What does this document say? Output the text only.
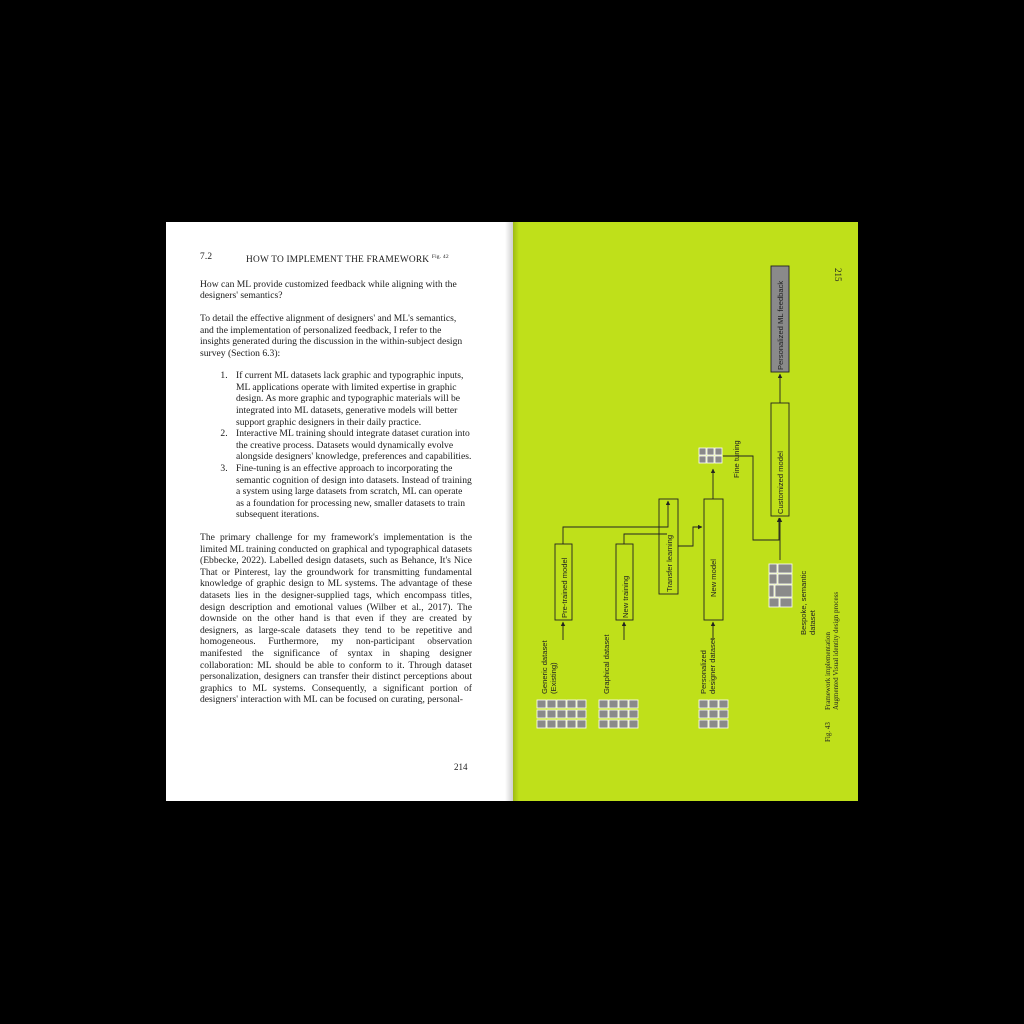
7.2	HOW TO IMPLEMENT THE FRAMEWORK $^{Fig. 42}$

How can ML provide customized feedback while aligning with the designers' semantics?

To detail the effective alignment of designers' and ML's semantics, and the implementation of personalized feedback, I refer to the insights generated during the discussion in the within-subject design survey (Section 6.3):

1. If current ML datasets lack graphic and typographic inputs, ML applications operate with limited expertise in graphic design. As more graphic and typographic materials will be integrated into ML datasets, generative models will better support graphic designers in their daily practice.
2. Interactive ML training should integrate dataset curation into the creative process. Datasets would dynamically evolve alongside designers' knowledge, preferences and capabilities.
3. Fine-tuning is an effective approach to incorporating the semantic cognition of design into datasets. Instead of training a system using large datasets from scratch, ML can operate as a foundation for processing new, smaller datasets to train subsequent iterations.

The primary challenge for my framework's implementation is the limited ML training conducted on graphical and typographical datasets (Ebbecke, 2022). Labelled design datasets, such as Behance, It's Nice That or Pinterest, lay the groundwork for transmitting fundamental knowledge of graphic design to ML systems. The advantage of these datasets lies in the designer-supplied tags, which encompass titles, design description and emotional values (Wilber et al., 2017). The downside on the other hand is that even if they are created by designers, as large-scale datasets they tend to be repetitive and homogeneous. Furthermore, my non-participant observation manifested the significance of syntax in shaping designer collaboration: ML should be able to conform to it. Through dataset personalization, designers can transfer their distinct perceptions about graphics to ML systems. Consequently, a significant portion of designers' interaction with ML can be focused on curating, personal-

214
Pre-trained model	New training
Transfer learning	New model
Customized model
Personalized ML feedback
Generic dataset (Existing)	Graphical dataset	Personalized designer dataset
Fine tuning
Bespoke, semantic dataset
Fig. 43
Framework implementation Augmented Visual identity design process
215
